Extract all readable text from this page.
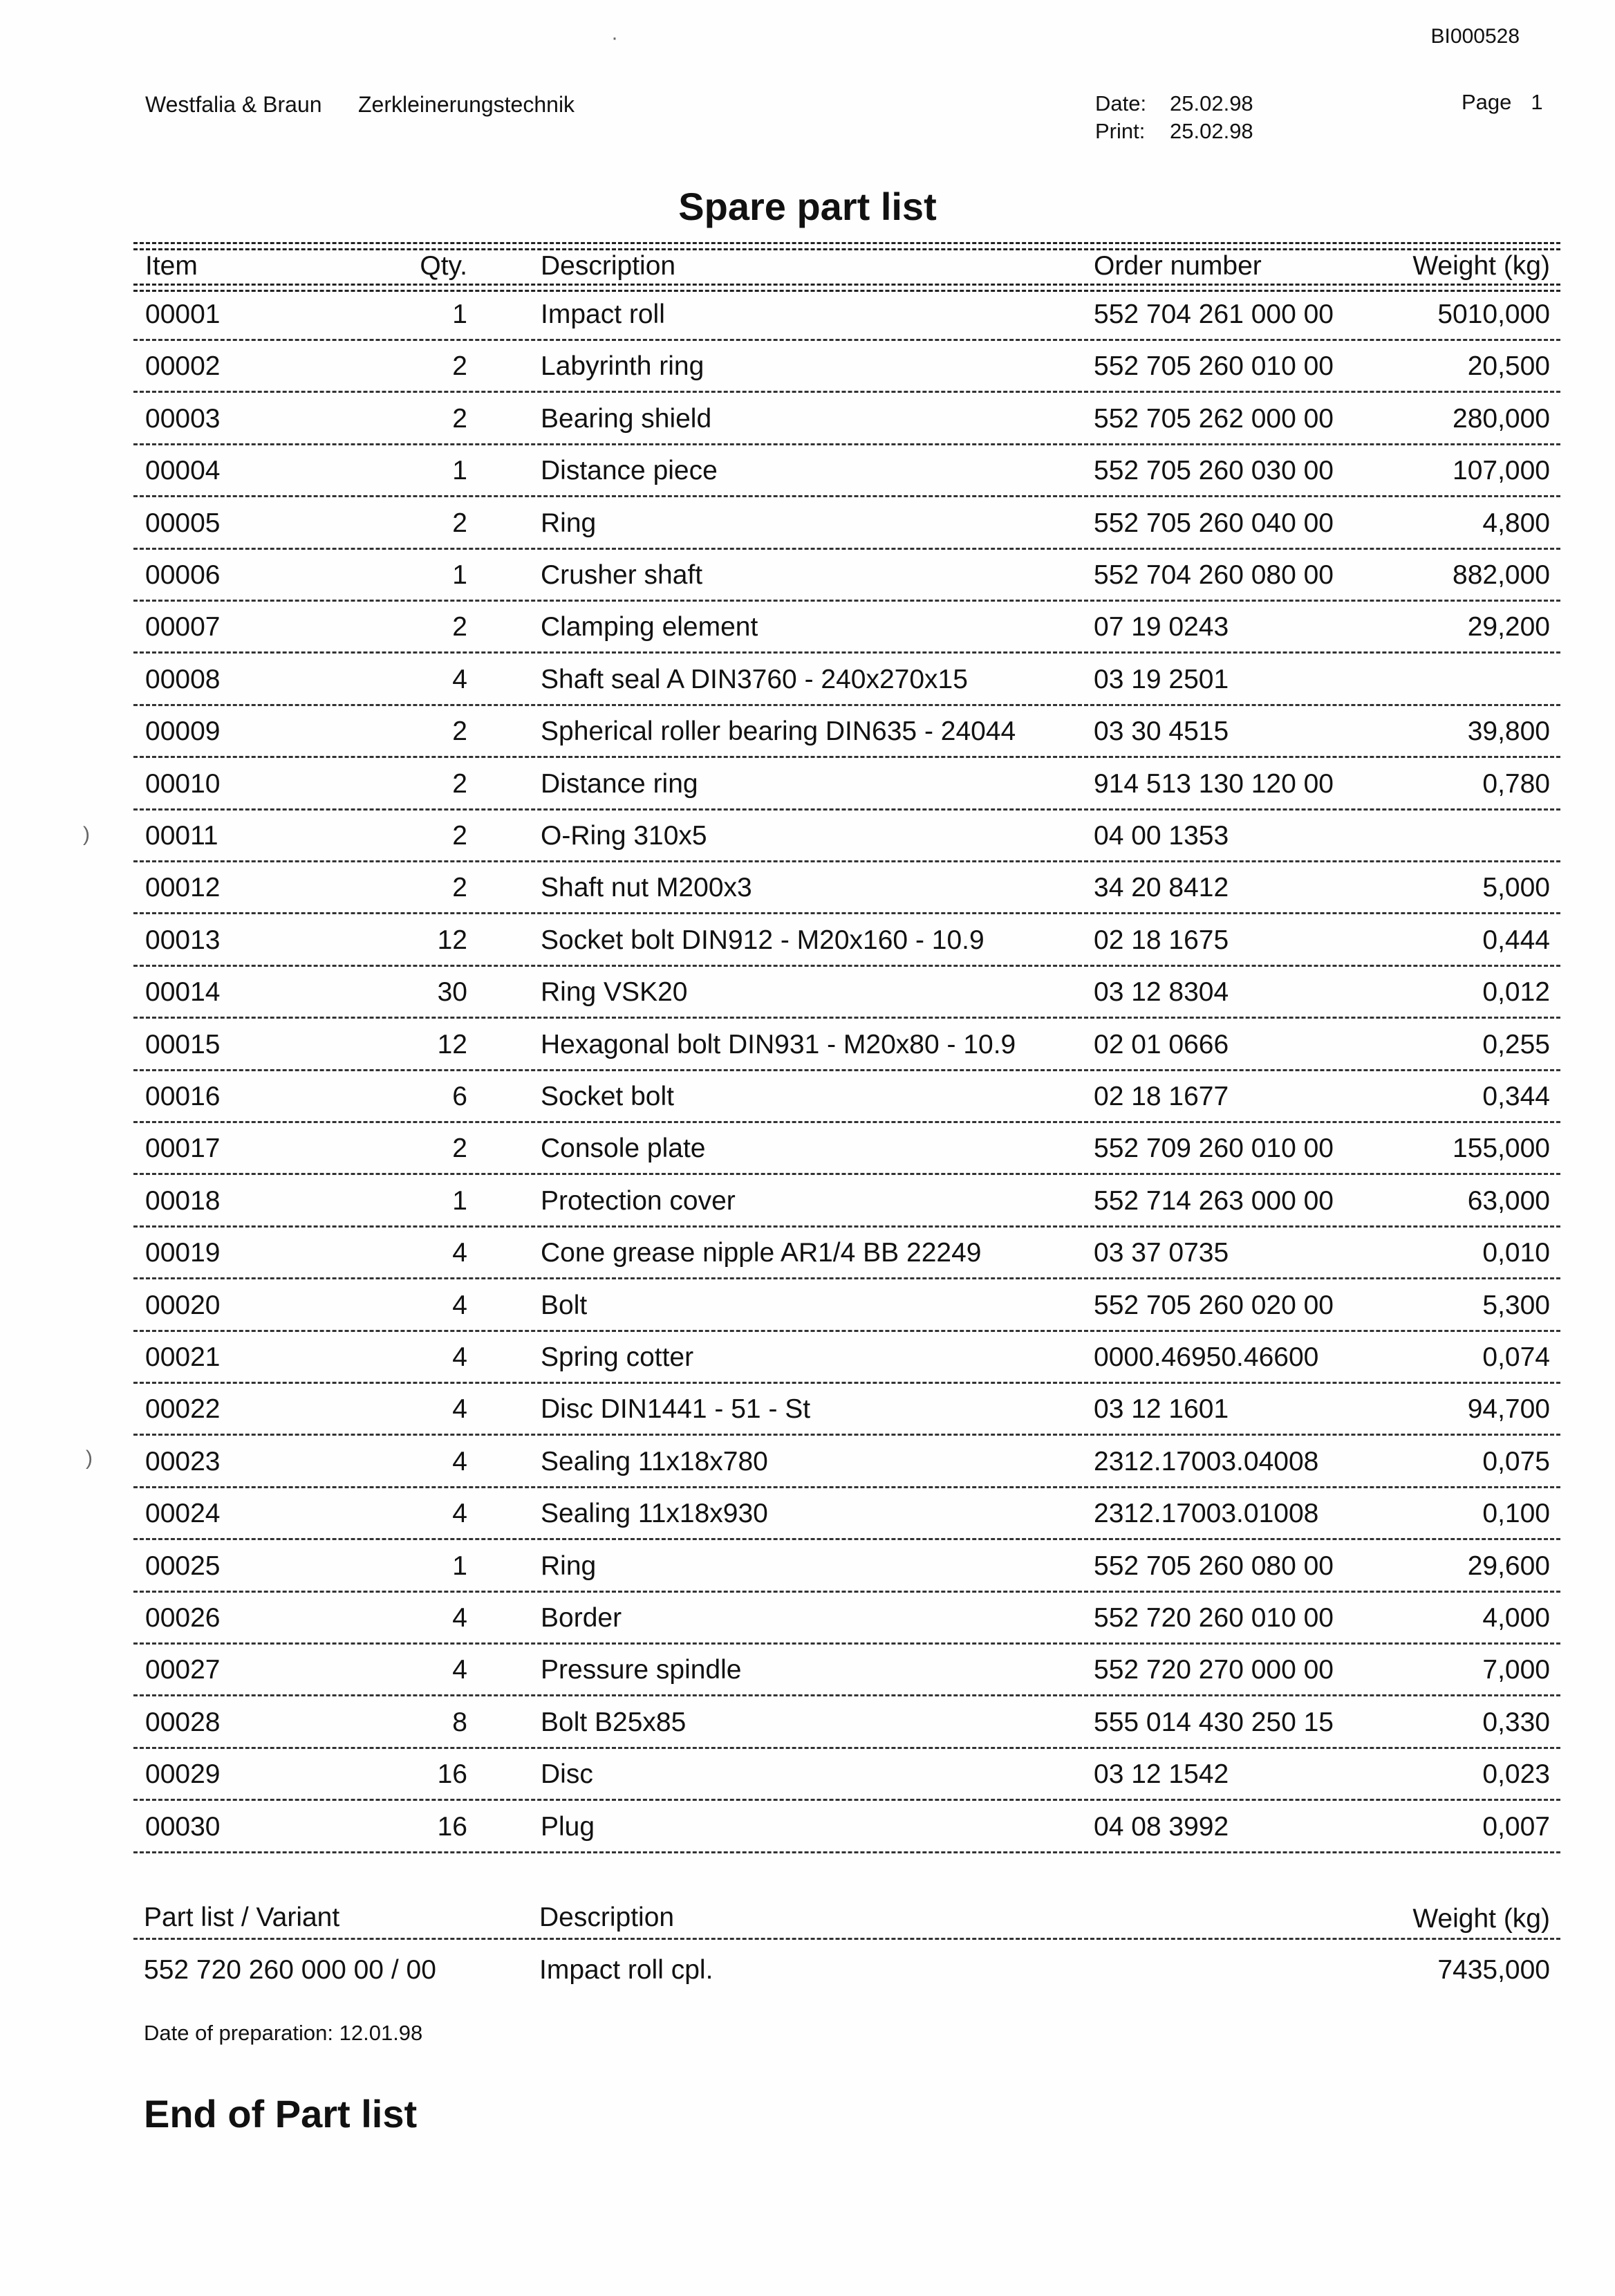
BI000528
Westfalia & Braun Zerkleinerungstechnik	Date: 25.02.98
Print: 25.02.98
Page 1
Spare part list
Item	Qty.	Description	Order number	Weight (kg)
00001	1	Impact roll	552 704 261 000 00	5010,000
00002	2	Labyrinth ring	552 705 260 010 00	20,500
00003	2	Bearing shield	552 705 262 000 00	280,000
00004	1	Distance piece	552 705 260 030 00	107,000
00005	2	Ring	552 705 260 040 00	4,800
00006	1	Crusher shaft	552 704 260 080 00	882,000
00007	2	Clamping element	07 19 0243	29,200
00008	4	Shaft seal A DIN3760 - 240x270x15	03 19 2501
00009	2	Spherical roller bearing DIN635 - 24044	03 30 4515	39,800
00010	2	Distance ring	914 513 130 120 00	0,780
00011	2	O-Ring 310x5	04 00 1353
00012	2	Shaft nut M200x3	34 20 8412	5,000
00013	12	Socket bolt DIN912 - M20x160 - 10.9	02 18 1675	0,444
00014	30	Ring VSK20	03 12 8304	0,012
00015	12	Hexagonal bolt DIN931 - M20x80 - 10.9	02 01 0666	0,255
00016	6	Socket bolt	02 18 1677	0,344
00017	2	Console plate	552 709 260 010 00	155,000
00018	1	Protection cover	552 714 263 000 00	63,000
00019	4	Cone grease nipple AR1/4 BB 22249	03 37 0735	0,010
00020	4	Bolt	552 705 260 020 00	5,300
00021	4	Spring cotter	0000.46950.46600	0,074
00022	4	Disc DIN1441 - 51 - St	03 12 1601	94,700
00023	4	Sealing 11x18x780	2312.17003.04008	0,075
00024	4	Sealing 11x18x930	2312.17003.01008	0,100
00025	1	Ring	552 705 260 080 00	29,600
00026	4	Border	552 720 260 010 00	4,000
00027	4	Pressure spindle	552 720 270 000 00	7,000
00028	8	Bolt B25x85	555 014 430 250 15	0,330
00029	16	Disc	03 12 1542	0,023
00030	16	Plug	04 08 3992	0,007
Part list / Variant	Description	Weight (kg)
552 720 260 000 00 / 00	Impact roll cpl.	7435,000
Date of preparation: 12.01.98
End of Part list
·
)
)
